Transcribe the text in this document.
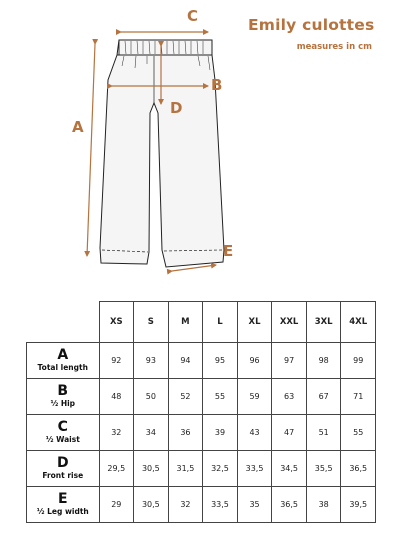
Emily culottes
measures in cm
A
B
C
D
E
	XS	S	M	L	XL	XXL	3XL	4XL

A
Total length	92	93	94	95	96	97	98	99

B
½ Hip	48	50	52	55	59	63	67	71

C
½ Waist	32	34	36	39	43	47	51	55

D
Front rise	29,5	30,5	31,5	32,5	33,5	34,5	35,5	36,5

E
½ Leg width	29	30,5	32	33,5	35	36,5	38	39,5
